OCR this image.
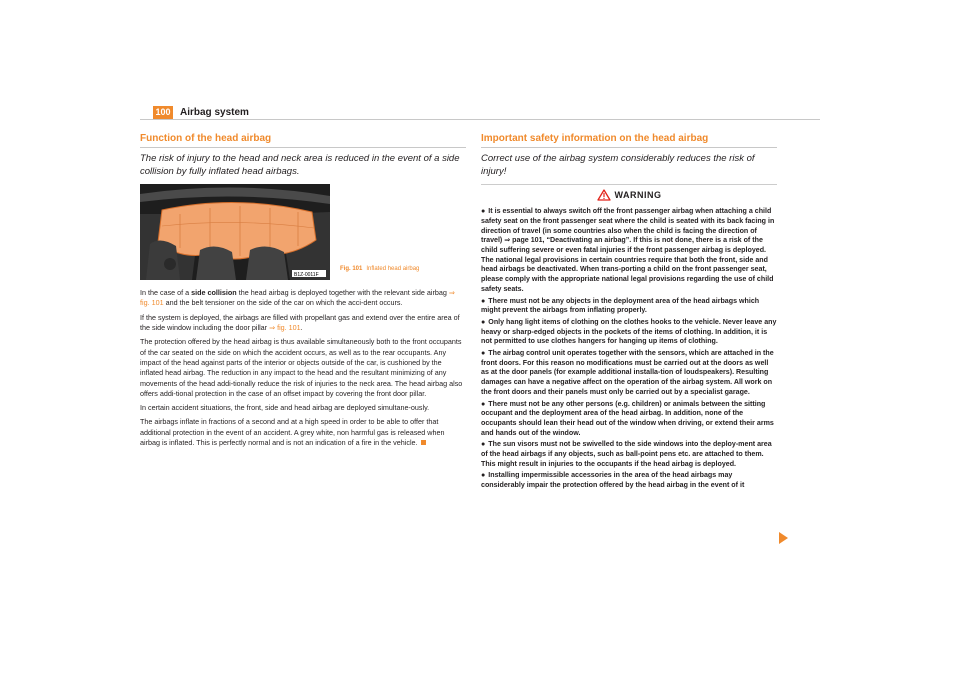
100 Airbag system
Function of the head airbag
The risk of injury to the head and neck area is reduced in the event of a side collision by fully inflated head airbags.
B1Z-0011F
Fig. 101 Inflated head airbag

In the case of a side collision the head airbag is deployed together with the relevant side airbag ⇒ fig. 101 and the belt tensioner on the side of the car on which the acci-dent occurs.

If the system is deployed, the airbags are filled with propellant gas and extend over the entire area of the side window including the door pillar ⇒ fig. 101.

The protection offered by the head airbag is thus available simultaneously both to the front occupants of the car seated on the side on which the accident occurs, as well as to the rear occupants. Any impact of the head against parts of the interior or objects outside of the car, is cushioned by the inflated head airbag. The reduction in any impact to the head and the resultant minimizing of any movements of the head addi-tionally reduce the risk of injuries to the neck area. The head airbag also offers addi-tional protection in the case of an offset impact by covering the front door pillar.

In certain accident situations, the front, side and head airbag are deployed simultane-ously.

The airbags inflate in fractions of a second and at a high speed in order to be able to offer that additional protection in the event of an accident. A grey white, non harmful gas is released when airbag is inflated. This is perfectly normal and is not an indication of a fire in the vehicle.

Important safety information on the head airbag
Correct use of the airbag system considerably reduces the risk of injury!
WARNING

● It is essential to always switch off the front passenger airbag when attaching a child safety seat on the front passenger seat where the child is seated with its back facing in direction of travel (in some countries also when the child is facing the direction of travel) ⇒ page 101, “Deactivating an airbag”. If this is not done, there is a risk of the child suffering severe or even fatal injuries if the front passenger airbag is deployed. The national legal provisions in certain countries require that both the front, side and head airbags be deactivated. When trans-porting a child on the front passenger seat, please comply with the appropriate national legal provisions regarding the use of child safety seats.

● There must not be any objects in the deployment area of the head airbags which might prevent the airbags from inflating properly.

● Only hang light items of clothing on the clothes hooks to the vehicle. Never leave any heavy or sharp-edged objects in the pockets of the items of clothing. In addition, it is not permitted to use clothes hangers for hanging up items of clothing.

● The airbag control unit operates together with the sensors, which are attached in the front doors. For this reason no modifications must be carried out at the doors as well as at the door panels (for example additional installa-tion of loudspeakers). Resulting damages can have a negative affect on the operation of the airbag system. All work on the front doors and their panels must only be carried out by a specialist garage.

● There must not be any other persons (e.g. children) or animals between the sitting occupant and the deployment area of the head airbag. In addition, none of the occupants should lean their head out of the window when driving, or extend their arms and hands out of the window.

● The sun visors must not be swivelled to the side windows into the deploy-ment area of the head airbags if any objects, such as ball-point pens etc. are attached to them. This might result in injuries to the occupants if the head airbag is deployed.

● Installing impermissible accessories in the area of the head airbags may considerably impair the protection offered by the head airbag in the event of it
